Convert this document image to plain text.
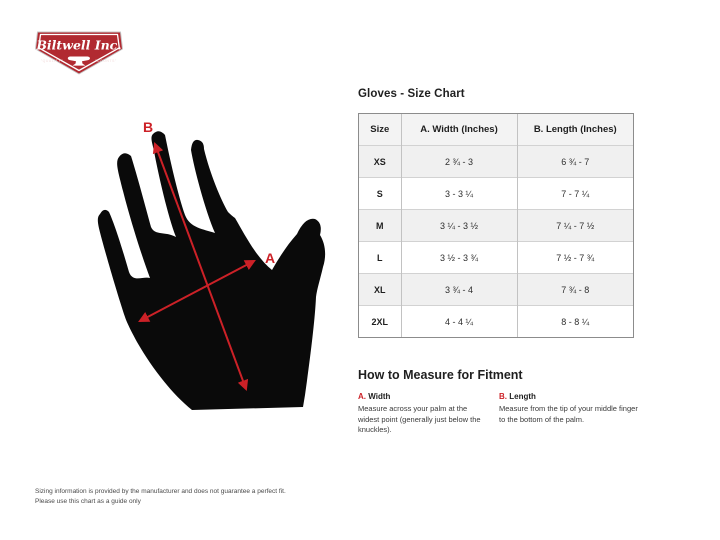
Biltwell Inc.
"QUALITY"	"COUNTS"
B
A
Gloves - Size Chart
Size	A. Width (Inches)	B. Length (Inches)
XS	2 ¾ - 3	6 ¾ - 7
S	3 - 3 ¼	7 - 7 ¼
M	3 ¼ - 3 ½	7 ¼ - 7 ½
L	3 ½ - 3 ¾	7 ½ - 7 ¾
XL	3 ¾ - 4	7 ¾ - 8
2XL	4 - 4 ¼	8 - 8 ¼
How to Measure for Fitment
A. Width
Measure across your palm at the widest point (generally just below the knuckles).
B. Length
Measure from the tip of your middle finger to the bottom of the palm.
Sizing information is provided by the manufacturer and does not guarantee a perfect fit.
Please use this chart as a guide only
